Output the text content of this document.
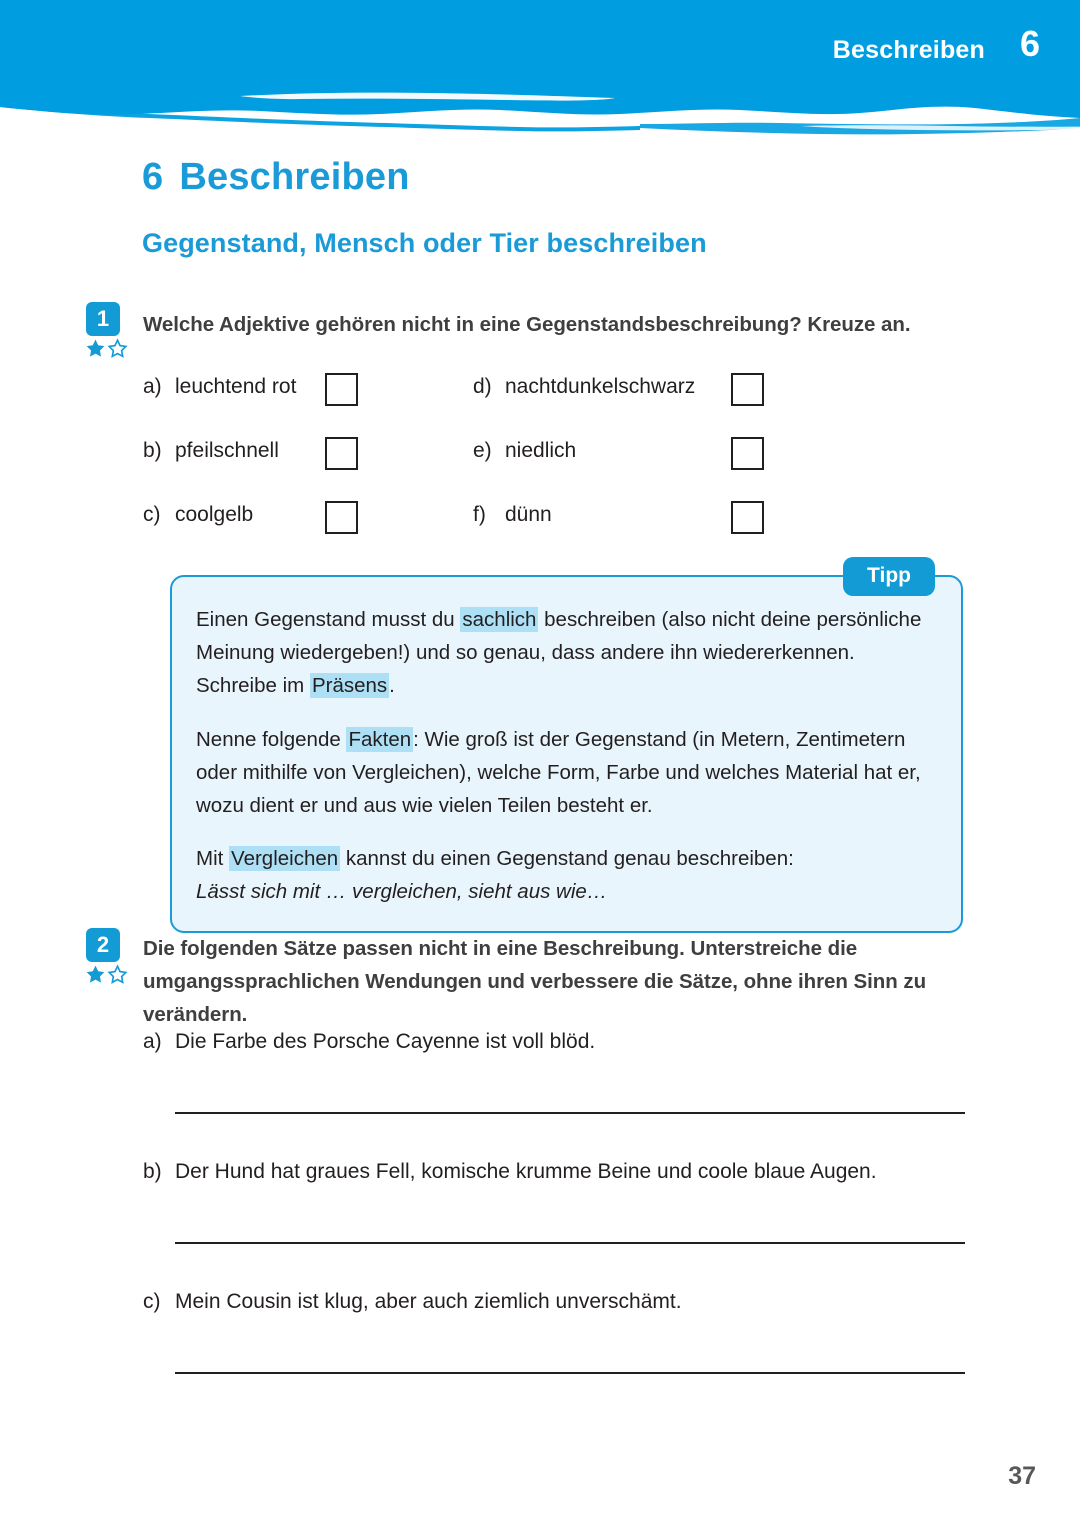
Beschreiben 6
6 Beschreiben
Gegenstand, Mensch oder Tier beschreiben
1	Welche Adjektive gehören nicht in eine Gegenstandsbeschreibung? Kreuze an.
a) leuchtend rot	d) nachtdunkelschwarz
b) pfeilschnell	e) niedlich
c) coolgelb	f) dünn
Tipp

Einen Gegenstand musst du sachlich beschreiben (also nicht deine persönliche Meinung wiedergeben!) und so genau, dass andere ihn wiedererkennen. Schreibe im Präsens.

Nenne folgende Fakten: Wie groß ist der Gegenstand (in Metern, Zentimetern oder mithilfe von Vergleichen), welche Form, Farbe und welches Material hat er, wozu dient er und aus wie vielen Teilen besteht er.

Mit Vergleichen kannst du einen Gegenstand genau beschreiben:
Lässt sich mit … vergleichen, sieht aus wie…

2	Die folgenden Sätze passen nicht in eine Beschreibung. Unterstreiche die umgangssprachlichen Wendungen und verbessere die Sätze, ohne ihren Sinn zu verändern.
a) Die Farbe des Porsche Cayenne ist voll blöd.
b) Der Hund hat graues Fell, komische krumme Beine und coole blaue Augen.
c) Mein Cousin ist klug, aber auch ziemlich unverschämt.
37
